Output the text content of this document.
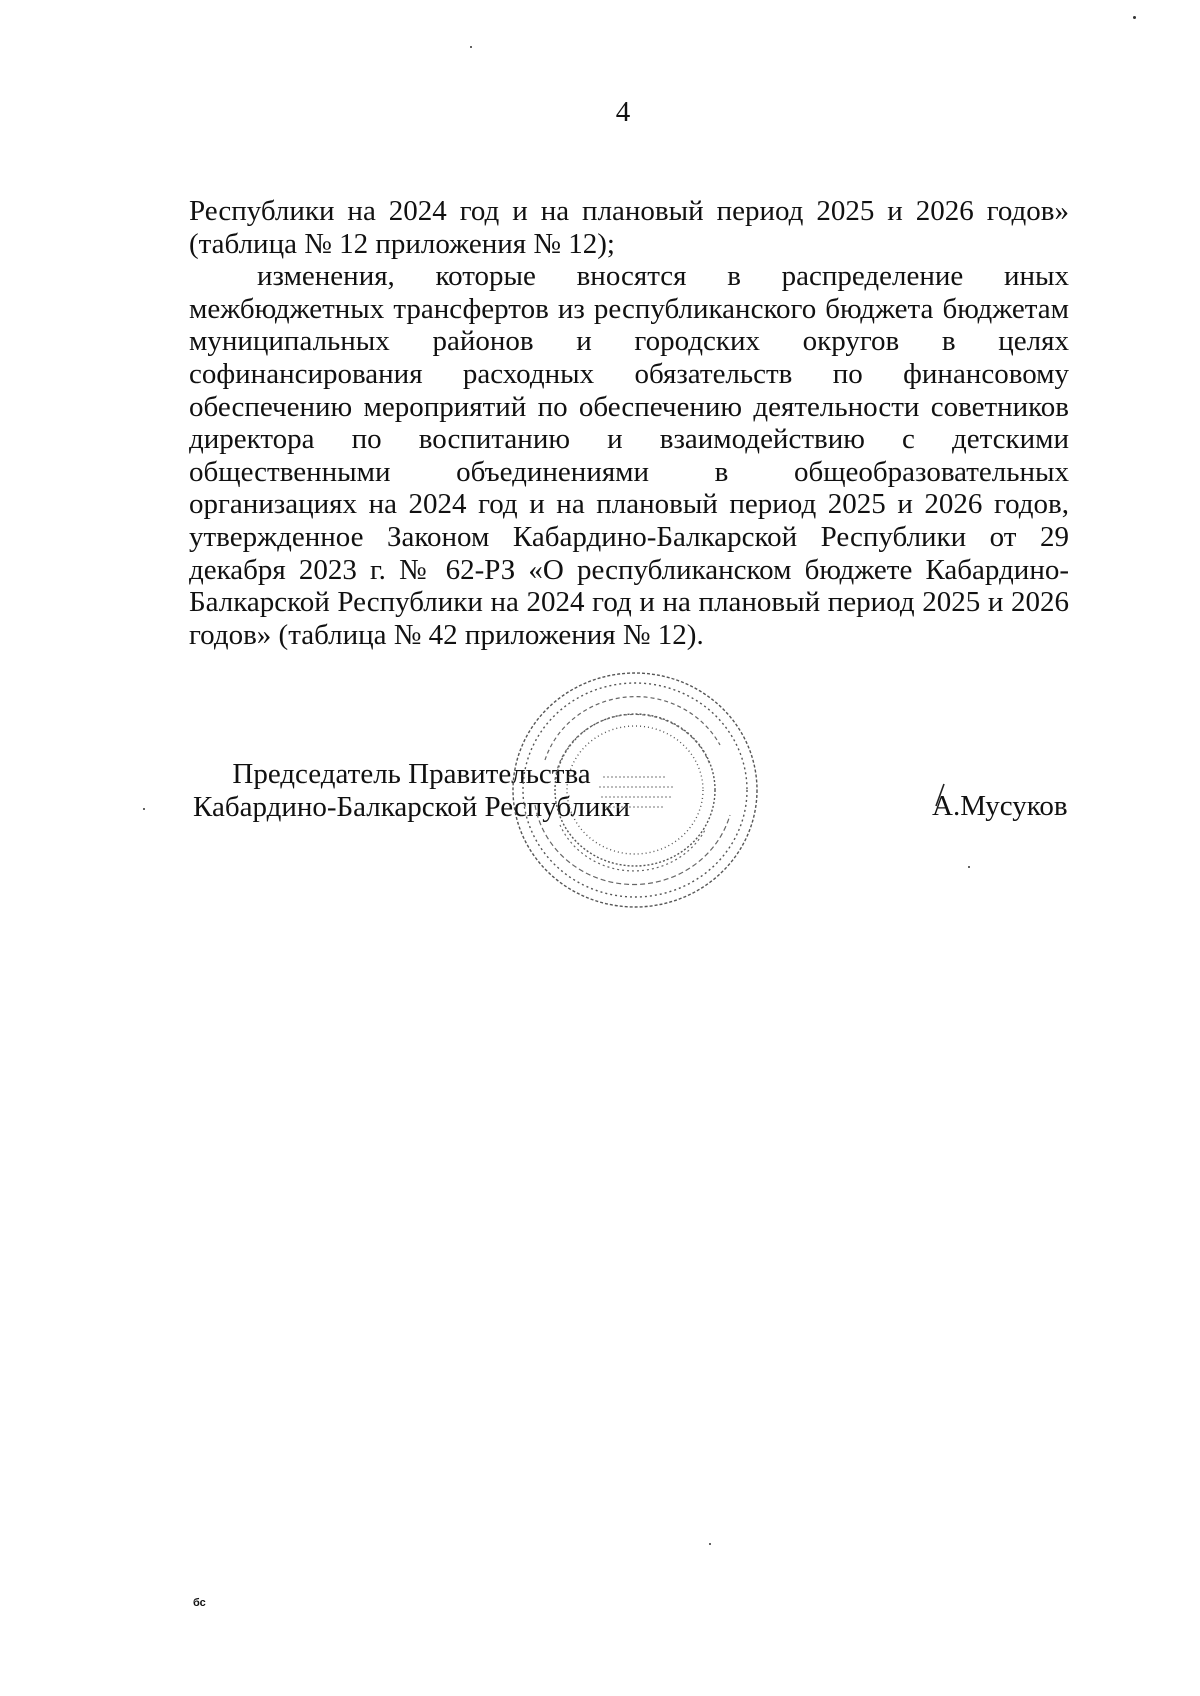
4

Республики на 2024 год и на плановый период 2025 и 2026 годов» (таблица № 12 приложения № 12);

изменения, которые вносятся в распределение иных межбюджетных трансфертов из республиканского бюджета бюджетам муниципальных районов и городских округов в целях софинансирования расходных обязательств по финансовому обеспечению мероприятий по обеспечению деятельности советников директора по воспитанию и взаимодействию с детскими общественными объединениями в общеобразовательных организациях на 2024 год и на плановый период 2025 и 2026 годов, утвержденное Законом Кабардино-Балкарской Республики от 29 декабря 2023 г. № 62-РЗ «О республиканском бюджете Кабардино-Балкарской Республики на 2024 год и на плановый период 2025 и 2026 годов» (таблица № 42 приложения № 12).

Председатель Правительства
Кабардино-Балкарской Республики	А.Мусуков
бс
